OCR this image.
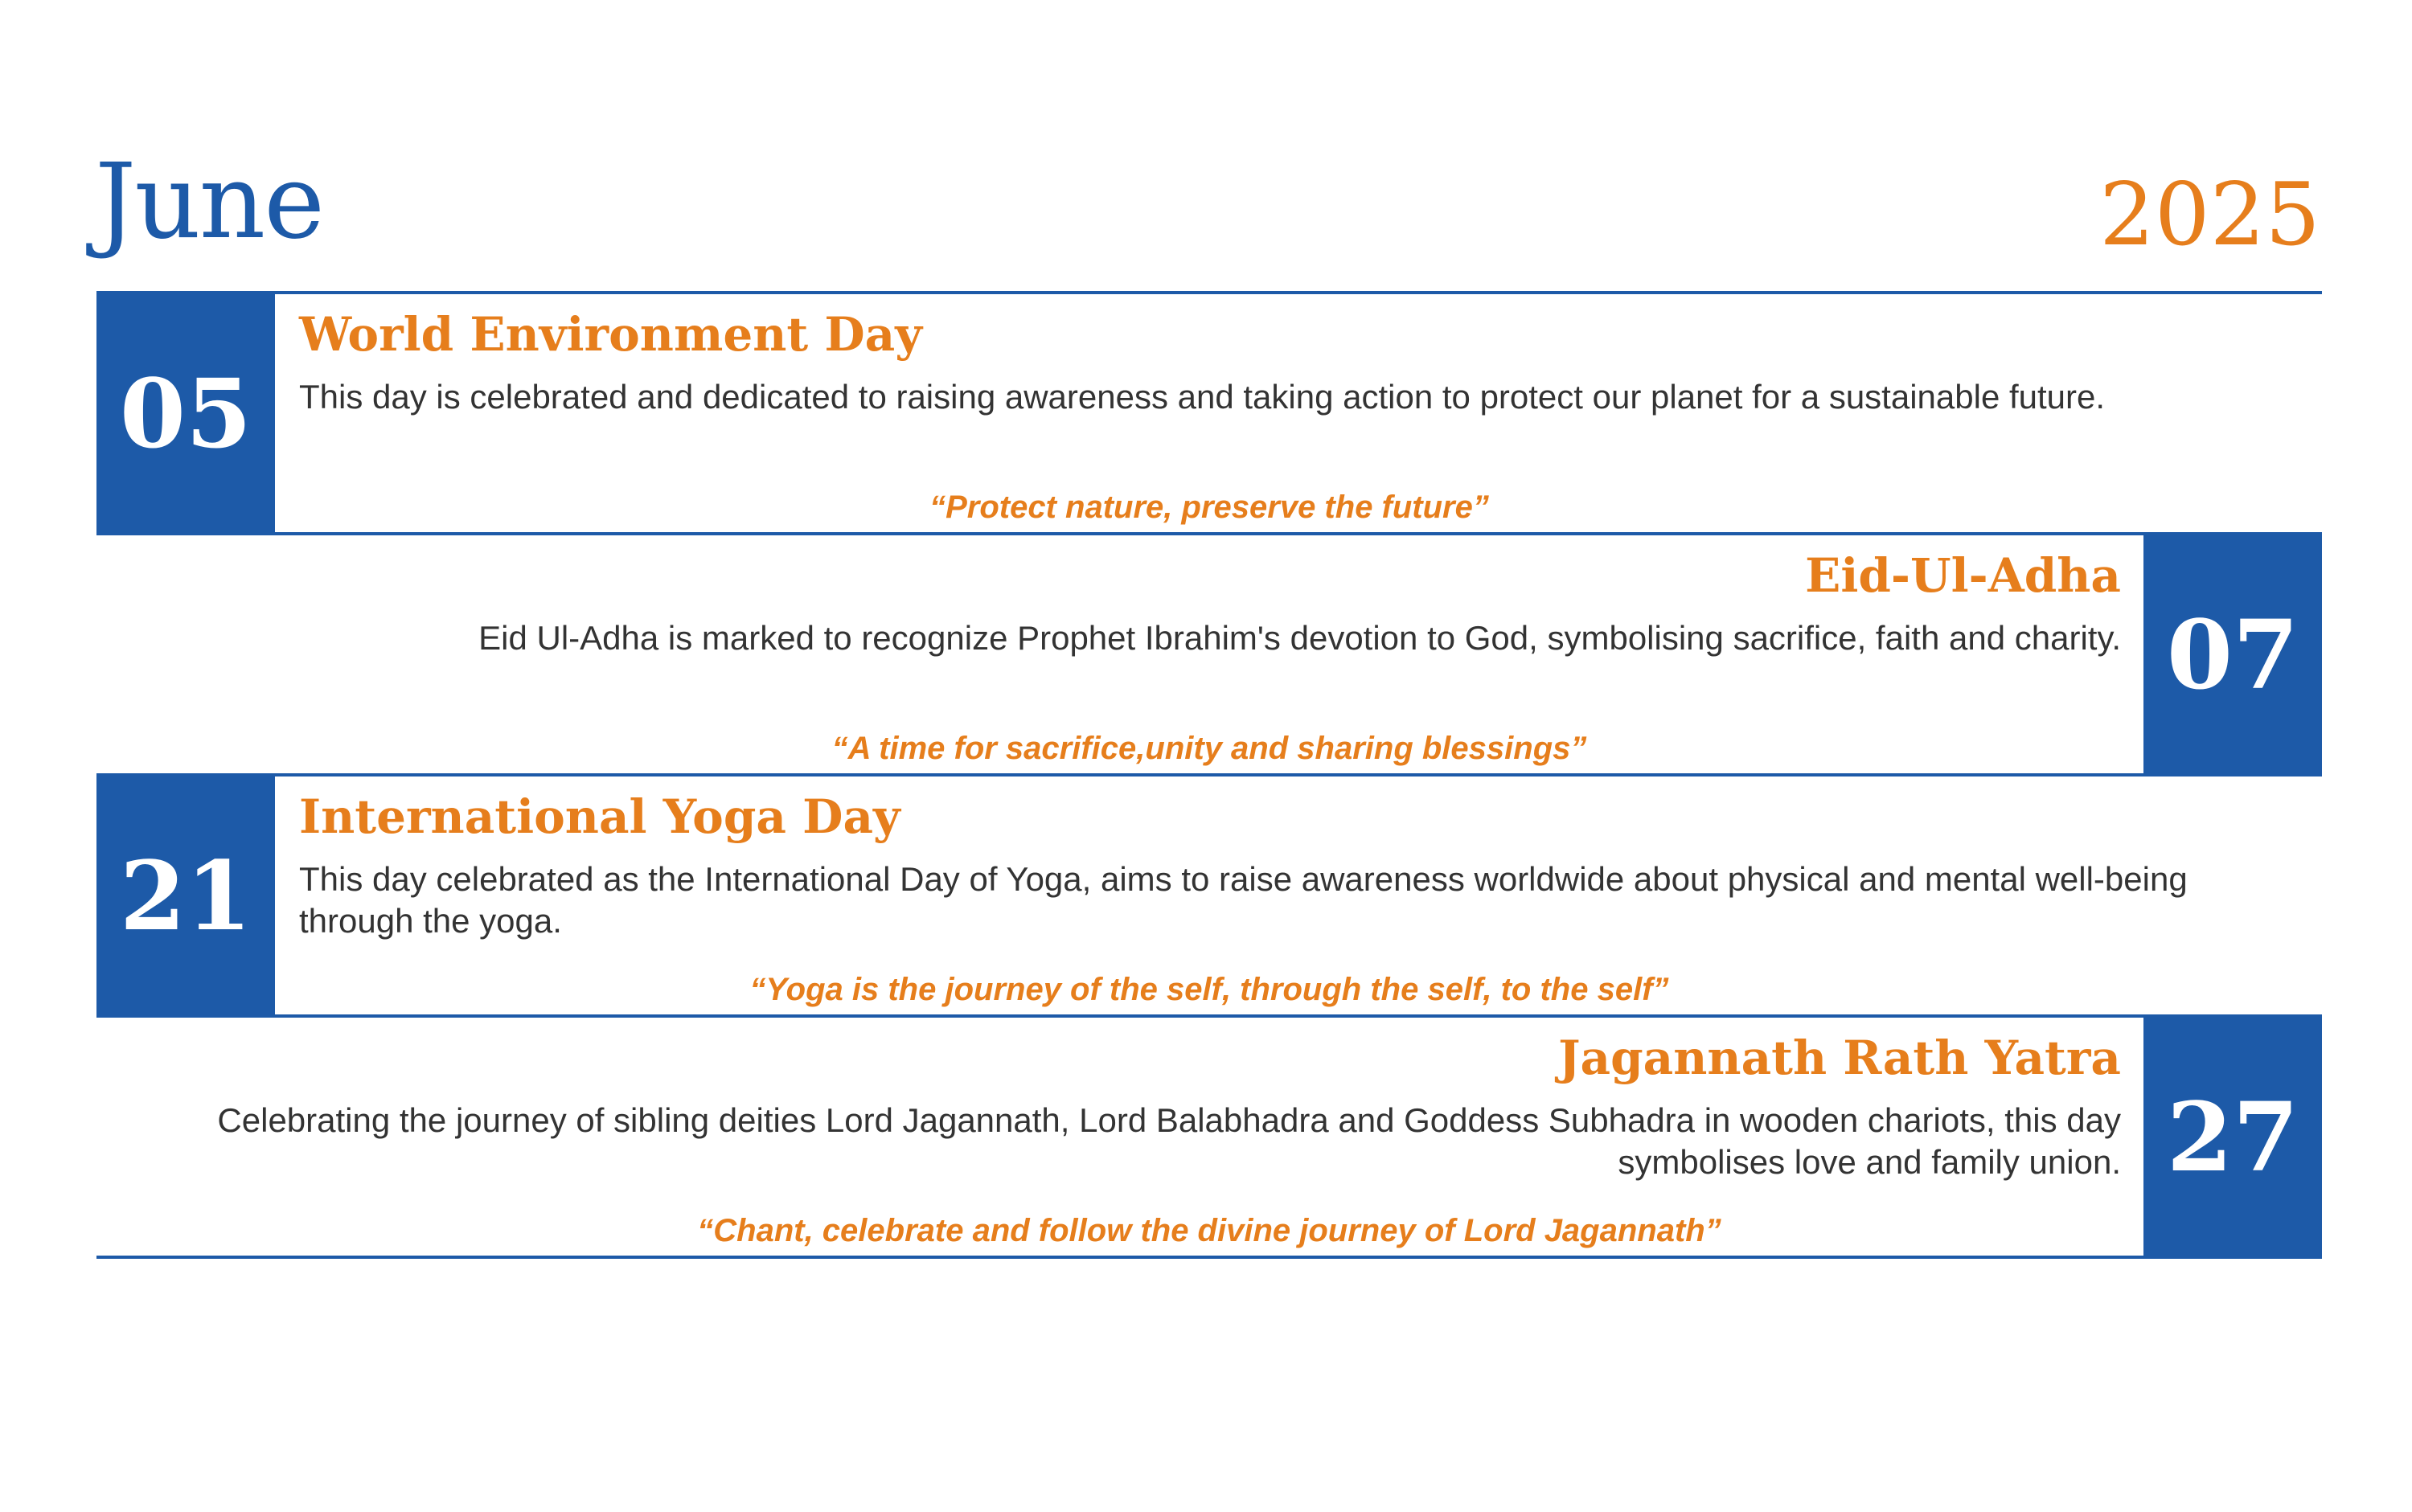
June	2025
05
World Environment Day
This day is celebrated and dedicated to raising awareness and taking action to protect our planet for a sustainable future.
“Protect nature, preserve the future”
07
Eid-Ul-Adha
Eid Ul-Adha is marked to recognize Prophet Ibrahim's devotion to God, symbolising sacrifice, faith and charity.
“A time for sacrifice,unity and sharing blessings”
21
International Yoga Day
This day celebrated as the International Day of Yoga, aims to raise awareness worldwide about physical and mental well-being through the yoga.
“Yoga is the journey of the self, through the self, to the self”
27
Jagannath Rath Yatra
Celebrating the journey of sibling deities Lord Jagannath, Lord Balabhadra and Goddess Subhadra in wooden chariots, this day symbolises love and family union.
“Chant, celebrate and follow the divine journey of Lord Jagannath”
